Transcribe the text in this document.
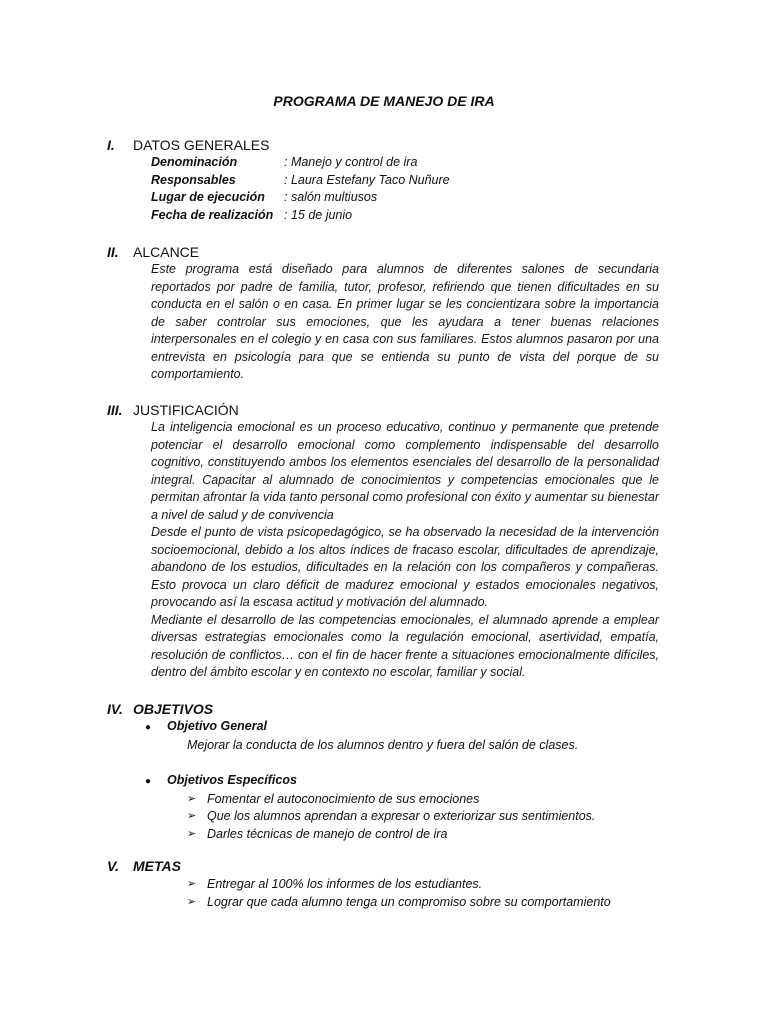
PROGRAMA DE MANEJO DE IRA
I. DATOS GENERALES
Denominación	: Manejo y control de ira
Responsables	: Laura Estefany Taco Nuñure
Lugar de ejecución	: salón multiusos
Fecha de realización : 15 de junio
II. ALCANCE
Este programa está diseñado para alumnos de diferentes salones de secundaria reportados por padre de familia, tutor, profesor, refiriendo que tienen dificultades en su conducta en el salón o en casa. En primer lugar se les concientizara sobre la importancia de saber controlar sus emociones, que les ayudara a tener buenas relaciones interpersonales en el colegio y en casa con sus familiares. Estos alumnos pasaron por una entrevista en psicología para que se entienda su punto de vista del porque de su comportamiento.
III. JUSTIFICACIÓN

La inteligencia emocional es un proceso educativo, continuo y permanente que pretende potenciar el desarrollo emocional como complemento indispensable del desarrollo cognitivo, constituyendo ambos los elementos esenciales del desarrollo de la personalidad integral. Capacitar al alumnado de conocimientos y competencias emocionales que le permitan afrontar la vida tanto personal como profesional con éxito y aumentar su bienestar a nivel de salud y de convivencia

Desde el punto de vista psicopedagógico, se ha observado la necesidad de la intervención socioemocional, debido a los altos índices de fracaso escolar, dificultades de aprendizaje, abandono de los estudios, dificultades en la relación con los compañeros y compañeras. Esto provoca un claro déficit de madurez emocional y estados emocionales negativos, provocando así la escasa actitud y motivación del alumnado.

Mediante el desarrollo de las competencias emocionales, el alumnado aprende a emplear diversas estrategias emocionales como la regulación emocional, asertividad, empatía, resolución de conflictos… con el fin de hacer frente a situaciones emocionalmente difíciles, dentro del ámbito escolar y en contexto no escolar, familiar y social.

IV. OBJETIVOS
●	Objetivo General
Mejorar la conducta de los alumnos dentro y fuera del salón de clases.
●	Objetivos Específicos
➢ Fomentar el autoconocimiento de sus emociones
➢ Que los alumnos aprendan a expresar o exteriorizar sus sentimientos.
➢ Darles técnicas de manejo de control de ira
V. METAS
➢ Entregar al 100% los informes de los estudiantes.
➢ Lograr que cada alumno tenga un compromiso sobre su comportamiento
